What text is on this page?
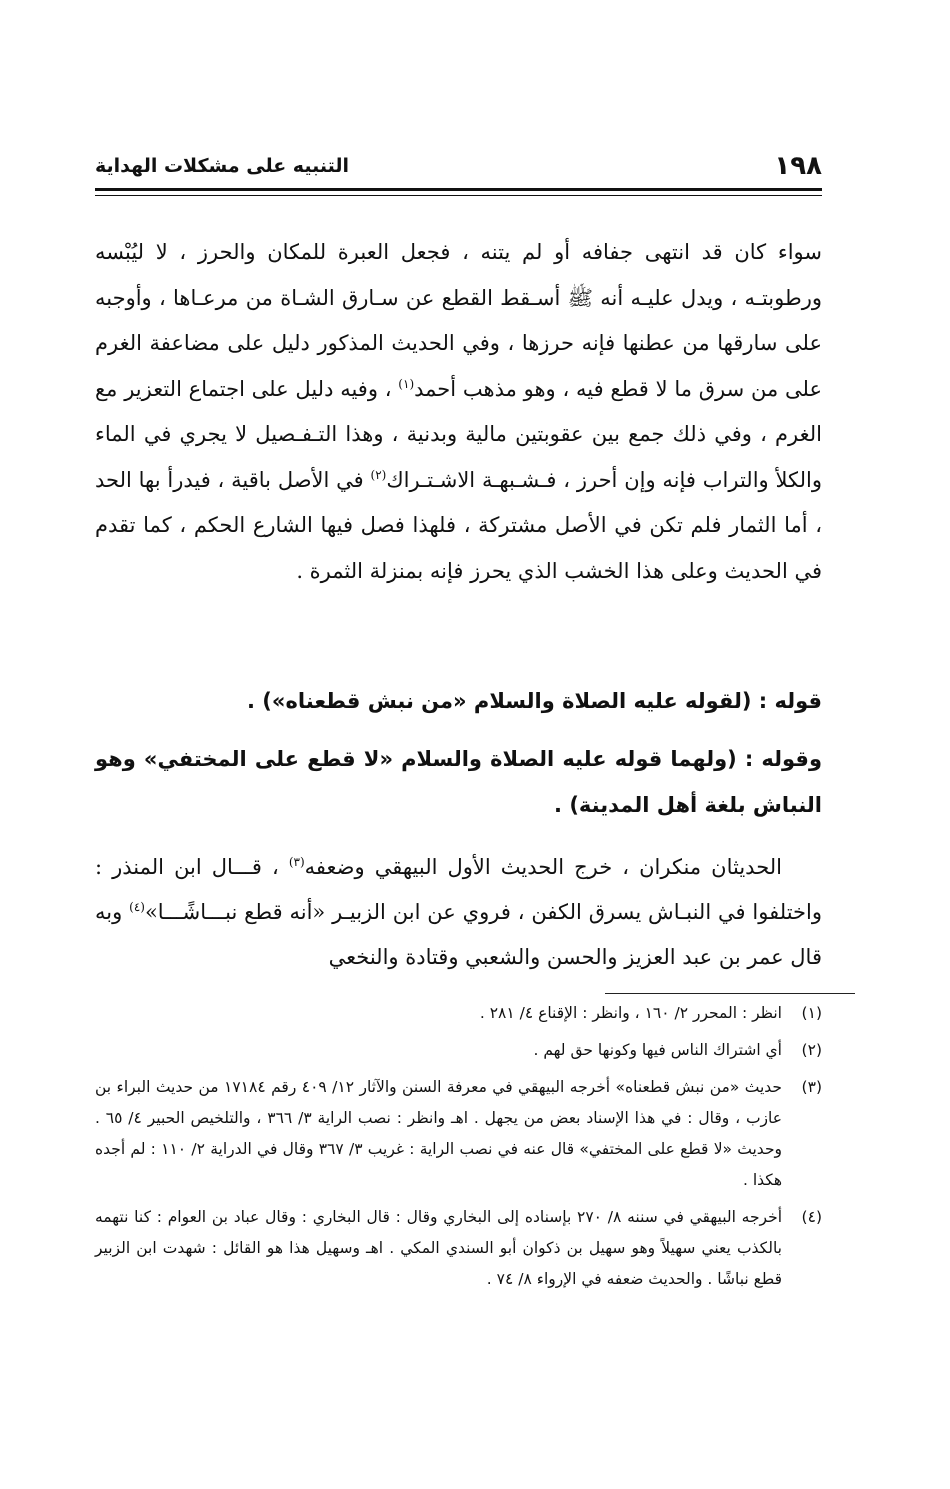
١٩٨
التنبيه على مشكلات الهداية

سواء كان قد انتهى جفافه أو لم يتنه ، فجعل العبرة للمكان والحرز ، لا ليُبْسه ورطوبتـه ، ويدل عليـه أنه ﷺ أسـقط القطع عن سـارق الشـاة من مرعـاها ، وأوجبه على سارقها من عطنها فإنه حرزها ، وفي الحديث المذكور دليل على مضاعفة الغرم على من سرق ما لا قطع فيه ، وهو مذهب أحمد$^{(١)}$ ، وفيه دليل على اجتماع التعزير مع الغرم ، وفي ذلك جمع بين عقوبتين مالية وبدنية ، وهذا التـفـصيل لا يجري في الماء والكلأ والتراب فإنه وإن أحرز ، فـشـبهـة الاشـتـراك$^{(٢)}$ في الأصل باقية ، فيدرأ بها الحد ، أما الثمار فلم تكن في الأصل مشتركة ، فلهذا فصل فيها الشارع الحكم ، كما تقدم في الحديث وعلى هذا الخشب الذي يحرز فإنه بمنزلة الثمرة .

قوله : (لقوله عليه الصلاة والسلام «من نبش قطعناه») .

وقوله : (ولهما قوله عليه الصلاة والسلام «لا قطع على المختفي» وهو النباش بلغة أهل المدينة) .

الحديثان منكران ، خرج الحديث الأول البيهقي وضعفه$^{(٣)}$ ، قـــال ابن المنذر : واختلفوا في النبـاش يسرق الكفن ، فروي عن ابن الزبيـر «أنه قطع نبـــاشًـــا»$^{(٤)}$ وبه قال عمر بن عبد العزيز والحسن والشعبي وقتادة والنخعي

(١)
انظر : المحرر ٢/ ١٦٠ ، وانظر : الإقناع ٤/ ٢٨١ .
(٢)
أي اشتراك الناس فيها وكونها حق لهم .
(٣)
حديث «من نبش قطعناه» أخرجه البيهقي في معرفة السنن والآثار ١٢/ ٤٠٩ رقم ١٧١٨٤ من حديث البراء بن عازب ، وقال : في هذا الإسناد بعض من يجهل . اهـ وانظر : نصب الراية ٣/ ٣٦٦ ، والتلخيص الحبير ٤/ ٦٥ . وحديث «لا قطع على المختفي» قال عنه في نصب الراية : غريب ٣/ ٣٦٧ وقال في الدراية ٢/ ١١٠ : لم أجده هكذا .
(٤)
أخرجه البيهقي في سننه ٨/ ٢٧٠ بإسناده إلى البخاري وقال : قال البخاري : وقال عباد بن العوام : كنا نتهمه بالكذب يعني سهيلاً وهو سهيل بن ذكوان أبو السندي المكي . اهـ وسهيل هذا هو القائل : شهدت ابن الزبير قطع نباشًا . والحديث ضعفه في الإرواء ٨/ ٧٤ .
